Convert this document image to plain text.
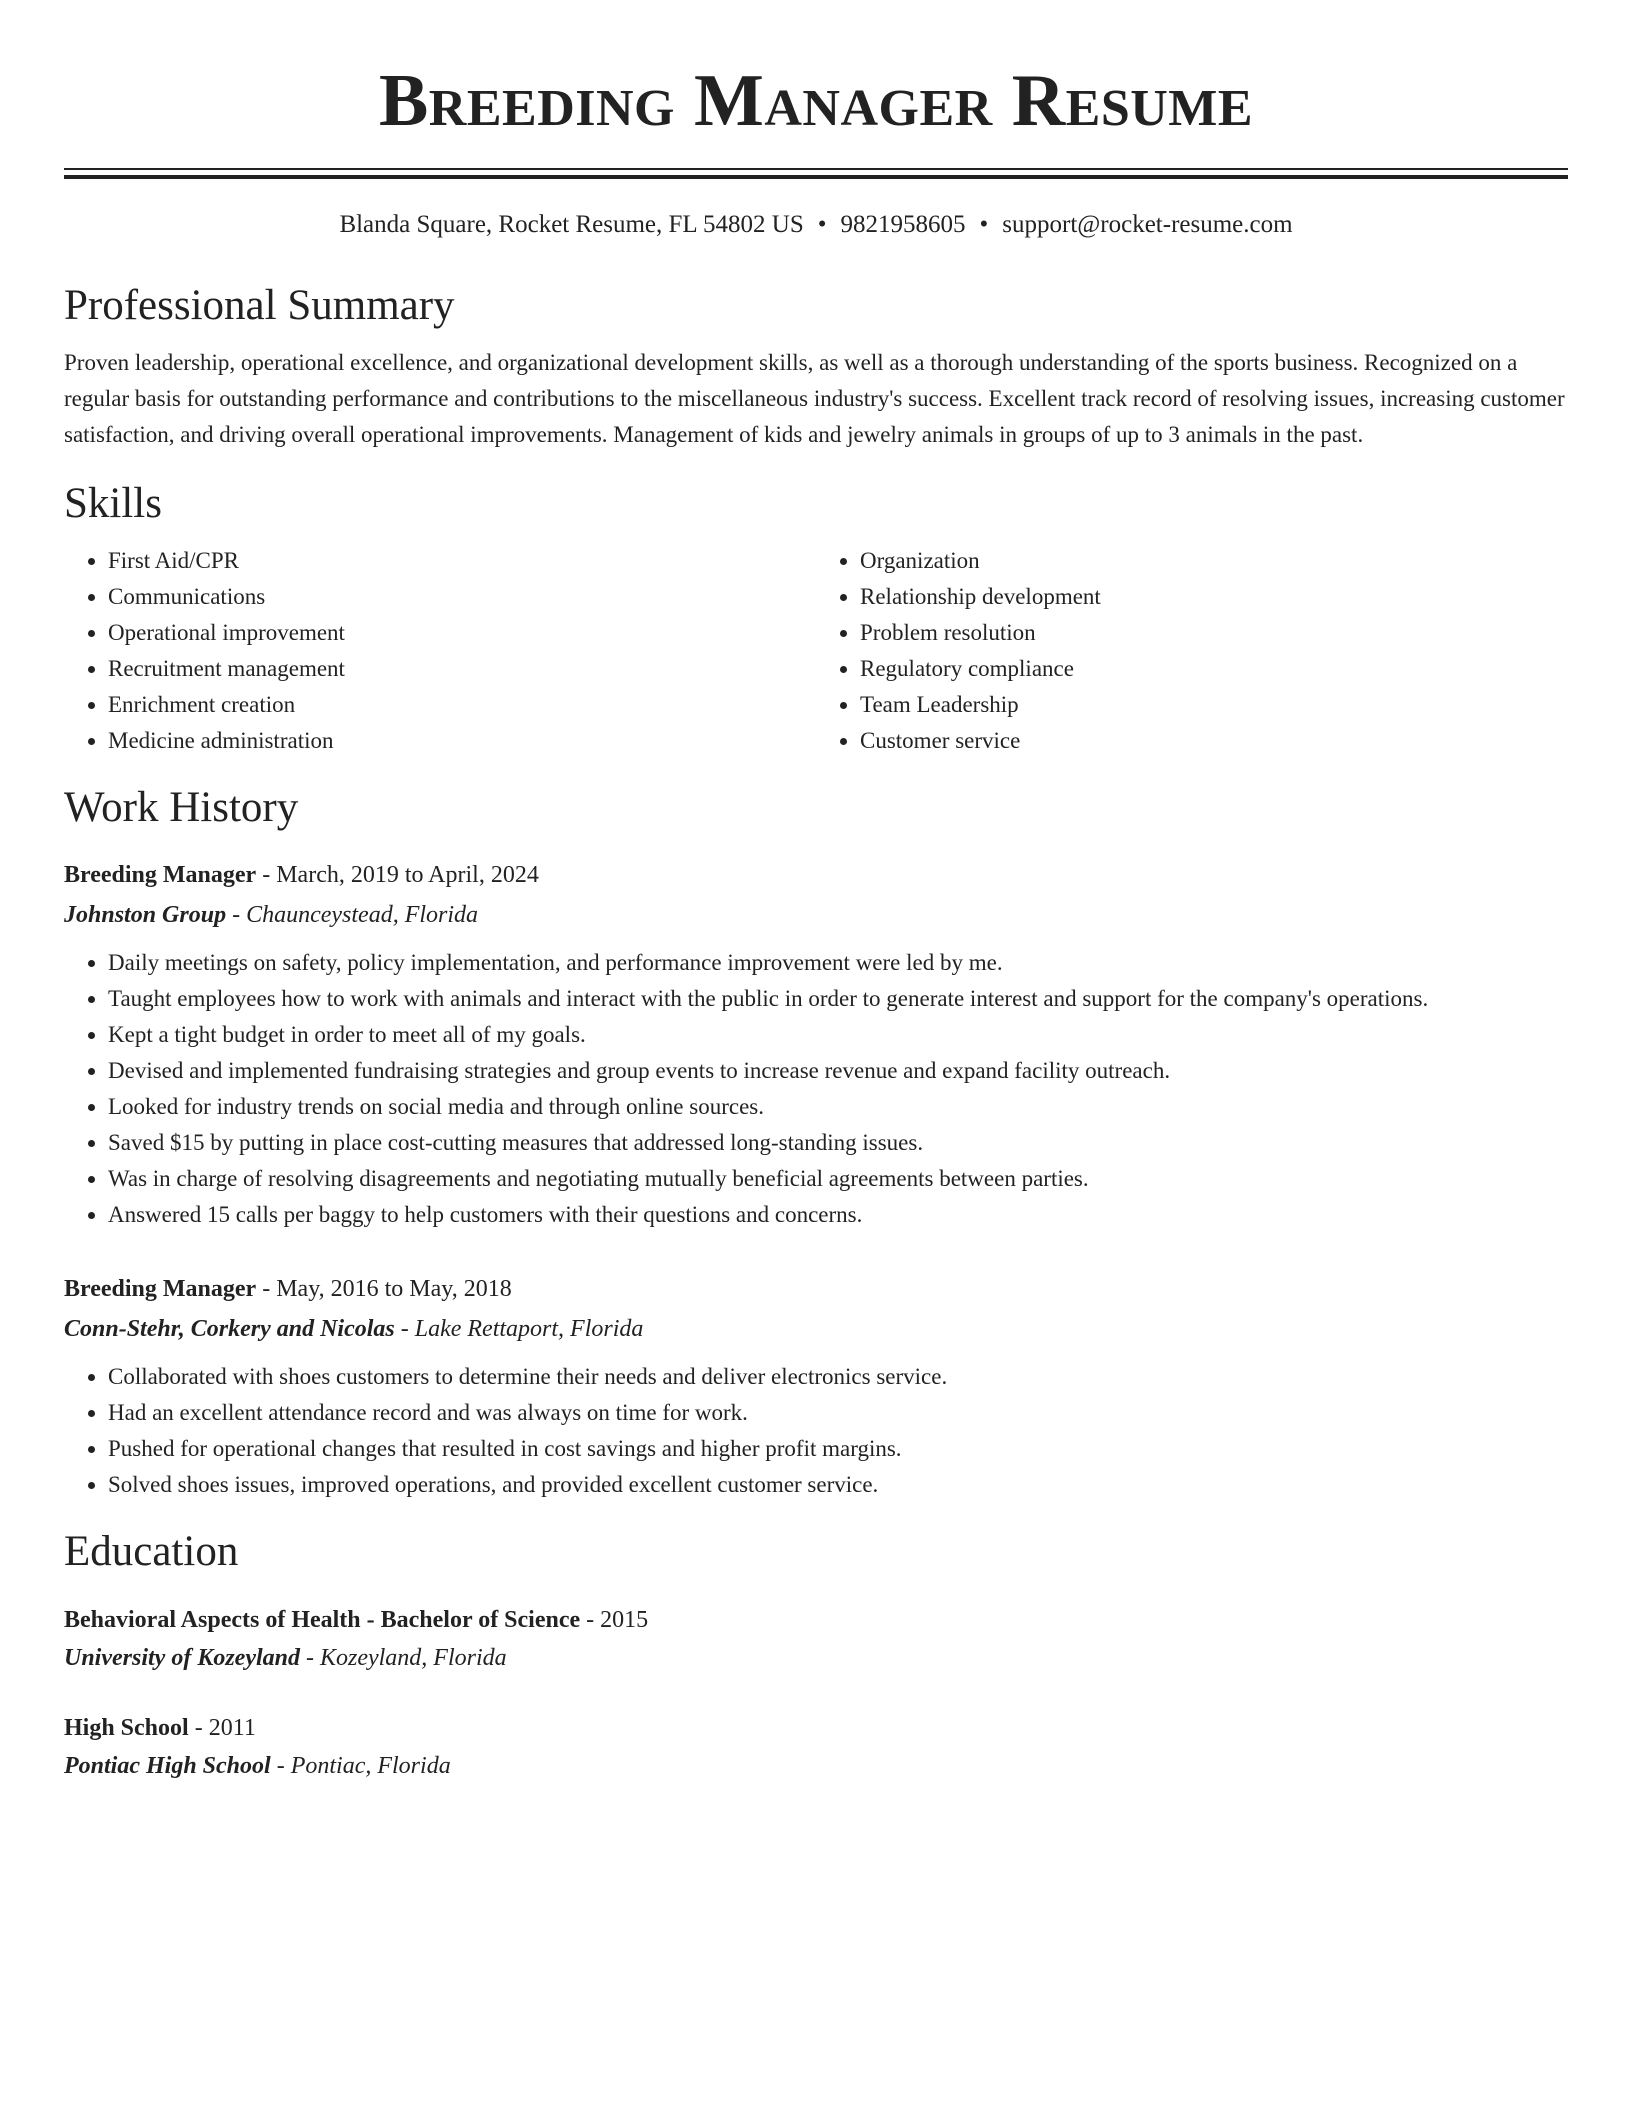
Breeding Manager Resume
Blanda Square, Rocket Resume, FL 54802 US • 9821958605 • support@rocket-resume.com
Professional Summary

Proven leadership, operational excellence, and organizational development skills, as well as a thorough understanding of the sports business. Recognized on a regular basis for outstanding performance and contributions to the miscellaneous industry's success. Excellent track record of resolving issues, increasing customer satisfaction, and driving overall operational improvements. Management of kids and jewelry animals in groups of up to 3 animals in the past.

Skills
• First Aid/CPR
• Communications
• Operational improvement
• Recruitment management
• Enrichment creation
• Medicine administration
• Organization
• Relationship development
• Problem resolution
• Regulatory compliance
• Team Leadership
• Customer service
Work History
Breeding Manager - March, 2019 to April, 2024
Johnston Group - Chaunceystead, Florida
• Daily meetings on safety, policy implementation, and performance improvement were led by me.
• Taught employees how to work with animals and interact with the public in order to generate interest and support for the company's operations.
• Kept a tight budget in order to meet all of my goals.
• Devised and implemented fundraising strategies and group events to increase revenue and expand facility outreach.
• Looked for industry trends on social media and through online sources.
• Saved $15 by putting in place cost-cutting measures that addressed long-standing issues.
• Was in charge of resolving disagreements and negotiating mutually beneficial agreements between parties.
• Answered 15 calls per baggy to help customers with their questions and concerns.
Breeding Manager - May, 2016 to May, 2018
Conn-Stehr, Corkery and Nicolas - Lake Rettaport, Florida
• Collaborated with shoes customers to determine their needs and deliver electronics service.
• Had an excellent attendance record and was always on time for work.
• Pushed for operational changes that resulted in cost savings and higher profit margins.
• Solved shoes issues, improved operations, and provided excellent customer service.
Education
Behavioral Aspects of Health - Bachelor of Science - 2015
University of Kozeyland - Kozeyland, Florida
High School - 2011
Pontiac High School - Pontiac, Florida
